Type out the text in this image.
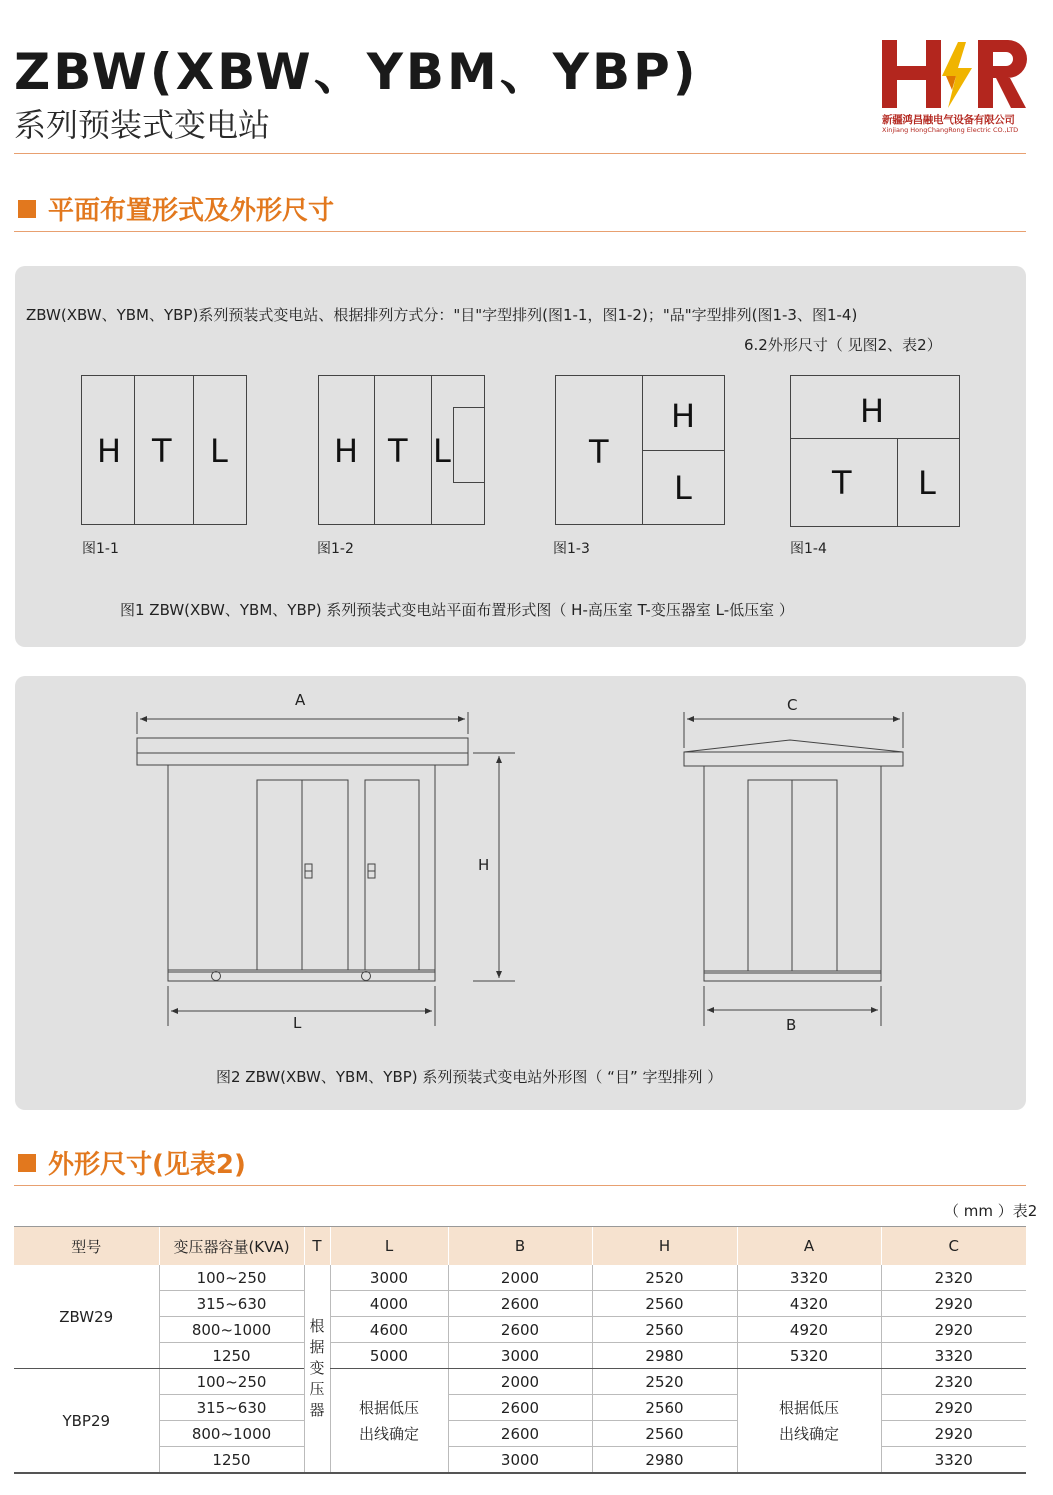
ZBW(XBW、YBM、YBP)
系列预装式变电站	新疆鸿昌融电气设备有限公司
Xinjiang HongChangRong Electric CO.,LTD
平面布置形式及外形尺寸
ZBW(XBW、YBM、YBP)系列预装式变电站、根据排列方式分："目"字型排列(图1-1，图1-2)；"品"字型排列(图1-3、图1-4)
6.2外形尺寸（ 见图2、表2）
H T L
图1-1
H T L
图1-2
T
H
L
图1-3
H
T L
图1-4
图1 ZBW(XBW、YBM、YBP) 系列预装式变电站平面布置形式图（ H-高压室 T-变压器室 L-低压室 ）
A
H
L
C
B
图2 ZBW(XBW、YBM、YBP) 系列预装式变电站外形图（ “目” 字型排列 ）
外形尺寸(见表2)
（ mm ）表2
型号	变压器容量(KVA)	T	L	B	H	A	C
ZBW29	100~250	根
据
变
压
器	3000	2000	2520	3320	2320
	315~630		4000	2600	2560	4320	2920
	800~1000		4600	2600	2560	4920	2920
	1250		5000	3000	2980	5320	3320
YBP29	100~250		根据低压
出线确定	2000	2520	根据低压
出线确定	2320
	315~630			2600	2560		2920
	800~1000			2600	2560		2920
	1250			3000	2980		3320
